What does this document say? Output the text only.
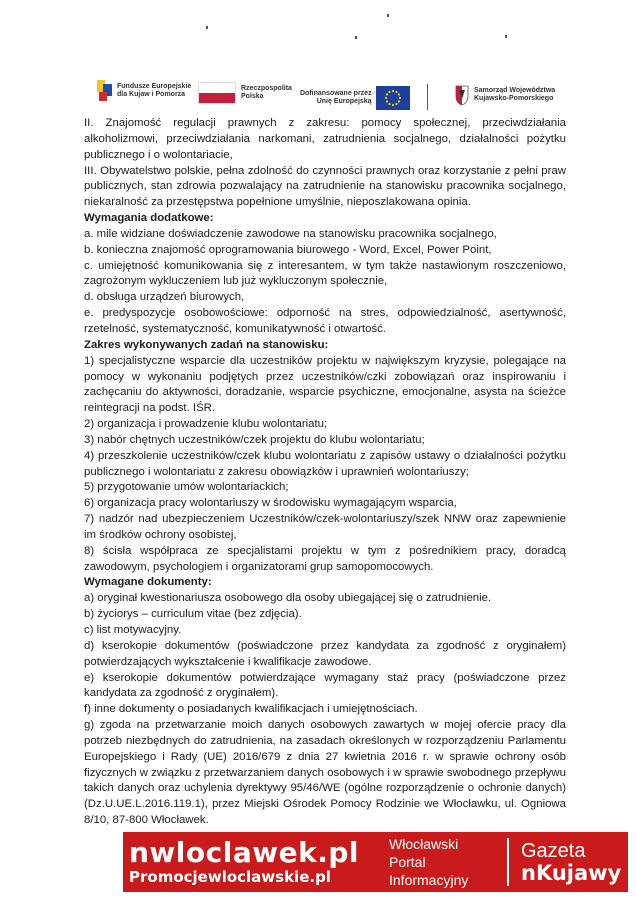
Fundusze Europejskie
dla Kujaw i Pomorza
Rzeczpospolita
Polska	Dofinansowane przez
Unię Europejską
Samorząd Województwa
Kujawsko-Pomorskiego

II. Znajomość regulacji prawnych z zakresu: pomocy społecznej, przeciwdziałania alkoholizmowi, przeciwdziałania narkomani, zatrudnienia socjalnego, działalności pożytku publicznego i o wolontariacie,

III. Obywatelstwo polskie, pełna zdolność do czynności prawnych oraz korzystanie z pełni praw publicznych, stan zdrowia pozwalający na zatrudnienie na stanowisku pracownika socjalnego, niekaralność za przestępstwa popełnione umyślnie, nieposzlakowana opinia.

Wymagania dodatkowe:

a. mile widziane doświadczenie zawodowe na stanowisku pracownika socjalnego,

b. konieczna znajomość oprogramowania biurowego - Word, Excel, Power Point,

c. umiejętność komunikowania się z interesantem, w tym także nastawionym roszczeniowo, zagrożonym wykluczeniem lub już wykluczonym społecznie,

d. obsługa urządzeń biurowych,

e. predyspozycje osobowościowe: odporność na stres, odpowiedzialność, asertywność, rzetelność, systematyczność, komunikatywność i otwartość.

Zakres wykonywanych zadań na stanowisku:

1) specjalistyczne wsparcie dla uczestników projektu w największym kryzysie, polegające na pomocy w wykonaniu podjętych przez uczestników/czki zobowiązań oraz inspirowaniu i zachęcaniu do aktywności, doradzanie, wsparcie psychiczne, emocjonalne, asysta na ścieżce reintegracji na podst. IŚR.

2) organizacja i prowadzenie klubu wolontariatu;

3) nabór chętnych uczestników/czek projektu do klubu wolontariatu;

4) przeszkolenie uczestników/czek klubu wolontariatu z zapisów ustawy o działalności pożytku publicznego i wolontariatu z zakresu obowiązków i uprawnień wolontariuszy;

5) przygotowanie umów wolontariackich;

6) organizacja pracy wolontariuszy w środowisku wymagającym wsparcia,

7) nadzór nad ubezpieczeniem Uczestników/czek-wolontariuszy/szek NNW oraz zapewnienie im środków ochrony osobistej,

8) ścisła współpraca ze specjalistami projektu w tym z pośrednikiem pracy, doradcą zawodowym, psychologiem i organizatorami grup samopomocowych.

Wymagane dokumenty:

a) oryginał kwestionariusza osobowego dla osoby ubiegającej się o zatrudnienie.

b) życiorys – curriculum vitae (bez zdjęcia).

c) list motywacyjny.

d) kserokopie dokumentów (poświadczone przez kandydata za zgodność z oryginałem) potwierdzających wykształcenie i kwalifikacje zawodowe.

e) kserokopie dokumentów potwierdzające wymagany staż pracy (poświadczone przez kandydata za zgodność z oryginałem).

f) inne dokumenty o posiadanych kwalifikacjach i umiejętnościach.

g) zgoda na przetwarzanie moich danych osobowych zawartych w mojej ofercie pracy dla potrzeb niezbędnych do zatrudnienia, na zasadach określonych w rozporządzeniu Parlamentu Europejskiego i Rady (UE) 2016/679 z dnia 27 kwietnia 2016 r. w sprawie ochrony osób fizycznych w związku z przetwarzaniem danych osobowych i w sprawie swobodnego przepływu takich danych oraz uchylenia dyrektywy 95/46/WE (ogólne rozporządzenie o ochronie danych) (Dz.U.UE.L.2016.119.1), przez Miejski Ośrodek Pomocy Rodzinie we Włocławku, ul. Ogniowa 8/10, 87-800 Włocławek.

nwloclawek.pl
Promocjewloclawskie.pl
Włocławski
Portal
Informacyjny
Gazeta
nKujawy
